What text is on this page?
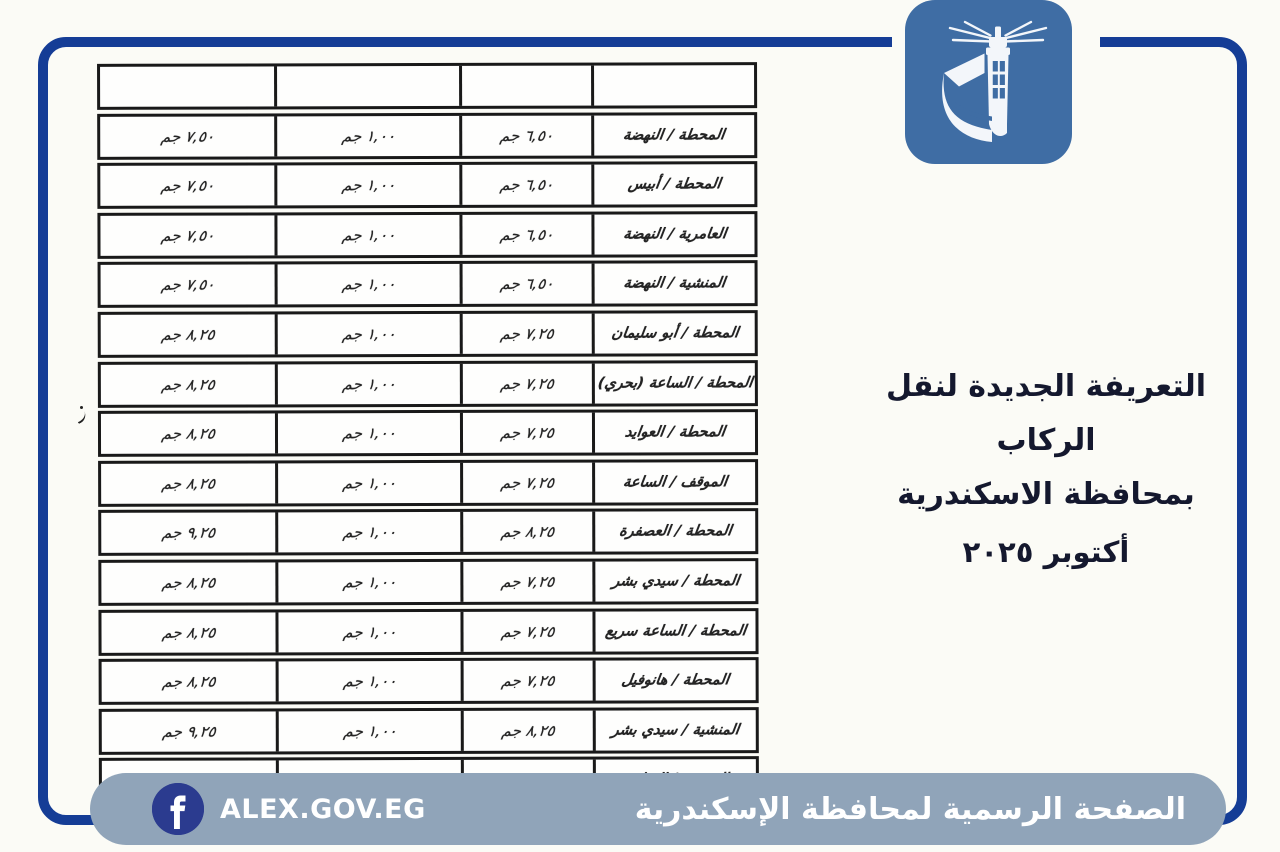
٧,٥٠ جم	١,٠٠ جم	٦,٥٠ جم	المحطة / النهضة
٧,٥٠ جم	١,٠٠ جم	٦,٥٠ جم	المحطة / أبيس
٧,٥٠ جم	١,٠٠ جم	٦,٥٠ جم	العامرية / النهضة
٧,٥٠ جم	١,٠٠ جم	٦,٥٠ جم	المنشية / النهضة
٨,٢٥ جم	١,٠٠ جم	٧,٢٥ جم	المحطة / أبو سليمان
٨,٢٥ جم	١,٠٠ جم	٧,٢٥ جم	المحطة / الساعة (بحري)
٨,٢٥ جم	١,٠٠ جم	٧,٢٥ جم	المحطة / العوايد
٨,٢٥ جم	١,٠٠ جم	٧,٢٥ جم	الموقف / الساعة
٩,٢٥ جم	١,٠٠ جم	٨,٢٥ جم	المحطة / العصفرة
٨,٢٥ جم	١,٠٠ جم	٧,٢٥ جم	المحطة / سيدي بشر
٨,٢٥ جم	١,٠٠ جم	٧,٢٥ جم	المحطة / الساعة سريع
٨,٢٥ جم	١,٠٠ جم	٧,٢٥ جم	المحطة / هانوفيل
٩,٢٥ جم	١,٠٠ جم	٨,٢٥ جم	المنشية / سيدي بشر
التعريفة الجديدة لنقل الركاب
بمحافظة الاسكندرية
أكتوبر ٢٠٢٥
ALEX.GOV.EG	الصفحة الرسمية لمحافظة الإسكندرية
